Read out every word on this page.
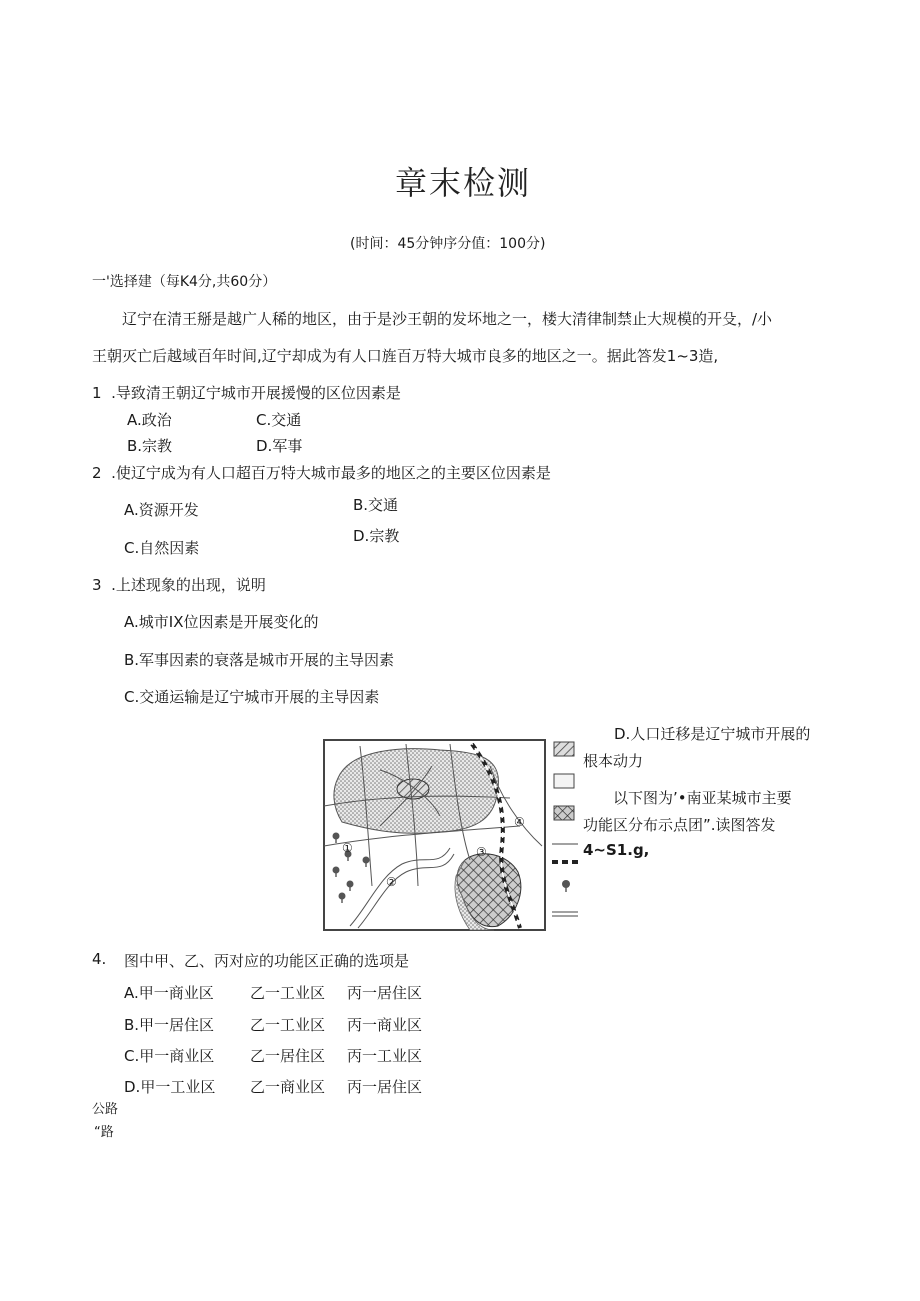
章末检测
(时间：45分钟序分值：100分)
一'选择建（每K4分,共60分）
辽宁在清王掰是越广人稀的地区，由于是沙王朝的发坏地之一，楼大清律制禁止大规模的开殳，/小
王朝灭亡后越域百年时间,辽宁却成为有人口旌百万特大城市良多的地区之一。据此答发1~3造,
1  .导致清王朝辽宁城市开展援慢的区位因素是
A.政治	C.交通
B.宗教	D.军事
2  .使辽宁成为有人口超百万特大城市最多的地区之的主要区位因素是
B.交通
A.资源开发
D.宗教
C.自然因素
3  .上述现象的出现，说明
A.城市IX位因素是开展变化的
B.军事因素的衰落是城市开展的主导因素
C.交通运输是辽宁城市开展的主导因素
D.人口迁移是辽宁城市开展的
根本动力
以下图为’•南亚某城市主要
功能区分布示点团”.读图答发
4~S1.g,
①
②
③
④
4. 图中甲、乙、丙对应的功能区正确的选项是
A.甲一商业区 乙一工业区 丙一居住区
B.甲一居住区 乙一工业区 丙一商业区
C.甲一商业区 乙一居住区 丙一工业区
D.甲一工业区 乙一商业区 丙一居住区
公路
“路
